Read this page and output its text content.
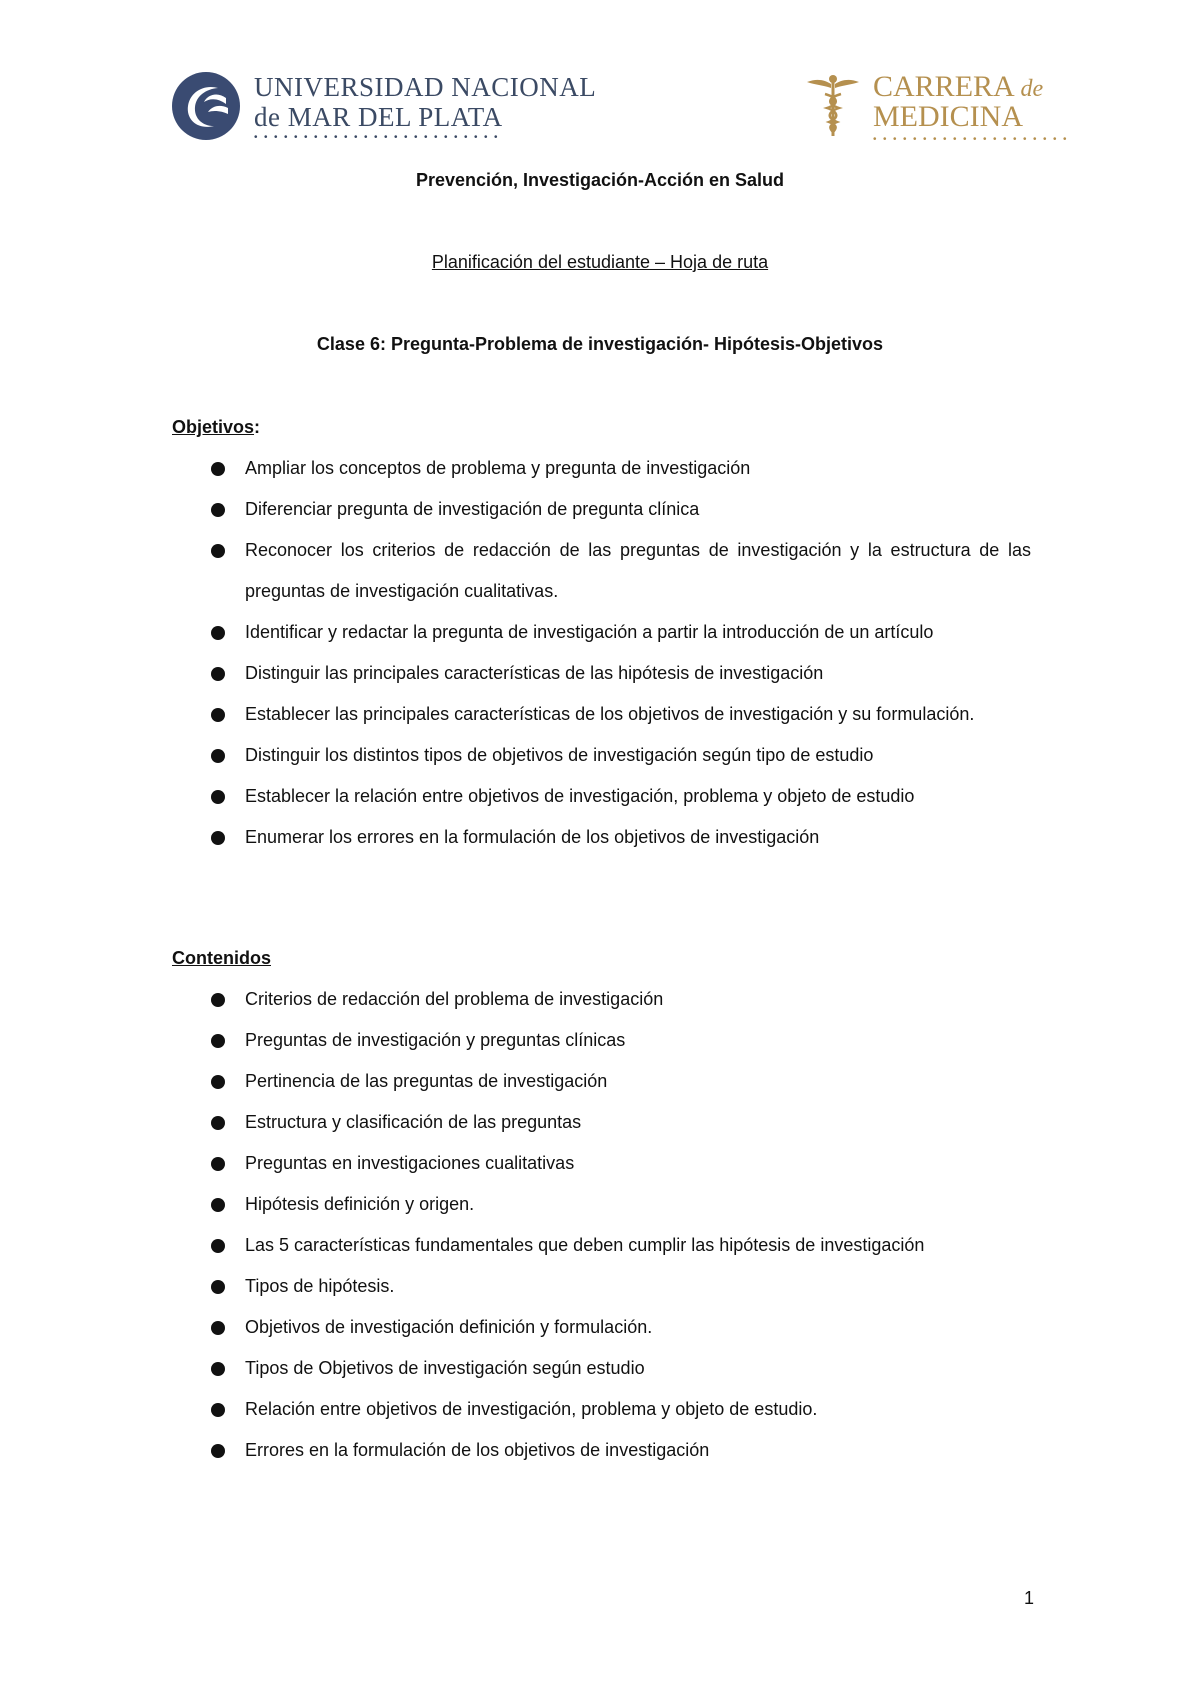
UNIVERSIDAD NACIONAL
de MAR DEL PLATA
•••••••••••••••••••••••••
CARRERA de
MEDICINA
••••••••••••••••••••
Prevención, Investigación-Acción en Salud
Planificación del estudiante – Hoja de ruta
Clase 6: Pregunta-Problema de investigación- Hipótesis-Objetivos
Objetivos:
Ampliar los conceptos de problema y pregunta de investigación
Diferenciar pregunta de investigación de pregunta clínica
Reconocer los criterios de redacción de las preguntas de investigación y la estructura de las preguntas de investigación cualitativas.
Identificar y redactar la pregunta de investigación a partir la introducción de un artículo
Distinguir las principales características de las hipótesis de investigación
Establecer las principales características de los objetivos de investigación y su formulación.
Distinguir los distintos tipos de objetivos de investigación según tipo de estudio
Establecer la relación entre objetivos de investigación, problema y objeto de estudio
Enumerar los errores en la formulación de los objetivos de investigación
Contenidos
Criterios de redacción del problema de investigación
Preguntas de investigación y preguntas clínicas
Pertinencia de las preguntas de investigación
Estructura y clasificación de las preguntas
Preguntas en investigaciones cualitativas
Hipótesis definición y origen.
Las 5 características fundamentales que deben cumplir las hipótesis de investigación
Tipos de hipótesis.
Objetivos de investigación definición y formulación.
Tipos de Objetivos de investigación según estudio
Relación entre objetivos de investigación, problema y objeto de estudio.
Errores en la formulación de los objetivos de investigación
1
